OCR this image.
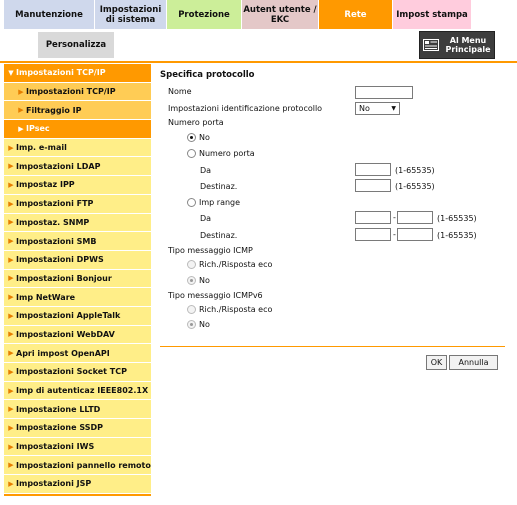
Manutenzione	Impostazioni di sistema	Protezione	Autent utente / EKC	Rete	Impost stampa
Personalizza	Al Menu Principale
▼ Impostazioni TCP/IP
▶ Impostazioni TCP/IP
▶ Filtraggio IP
▶ IPsec
▶ Imp. e-mail
▶ Impostazioni LDAP
▶ Impostaz IPP
▶ Impostazioni FTP
▶ Impostaz. SNMP
▶ Impostazioni SMB
▶ Impostazioni DPWS
▶ Impostazioni Bonjour
▶ Imp NetWare
▶ Impostazioni AppleTalk
▶ Impostazioni WebDAV
▶ Apri impost OpenAPI
▶ Impostazioni Socket TCP
▶ Imp di autenticaz IEEE802.1X
▶ Impostazione LLTD
▶ Impostazione SSDP
▶ Impostazioni IWS
▶ Impostazioni pannello remoto
▶ Impostazioni JSP
Specifica protocollo
Nome
Impostazioni identificazione protocollo	No	▼
Numero porta
No
Numero porta
Da	(1-65535)
Destinaz.	(1-65535)
Imp range
Da	-	(1-65535)
Destinaz.	-	(1-65535)
Tipo messaggio ICMP
Rich./Risposta eco
No
Tipo messaggio ICMPv6
Rich./Risposta eco
No
OK	Annulla
